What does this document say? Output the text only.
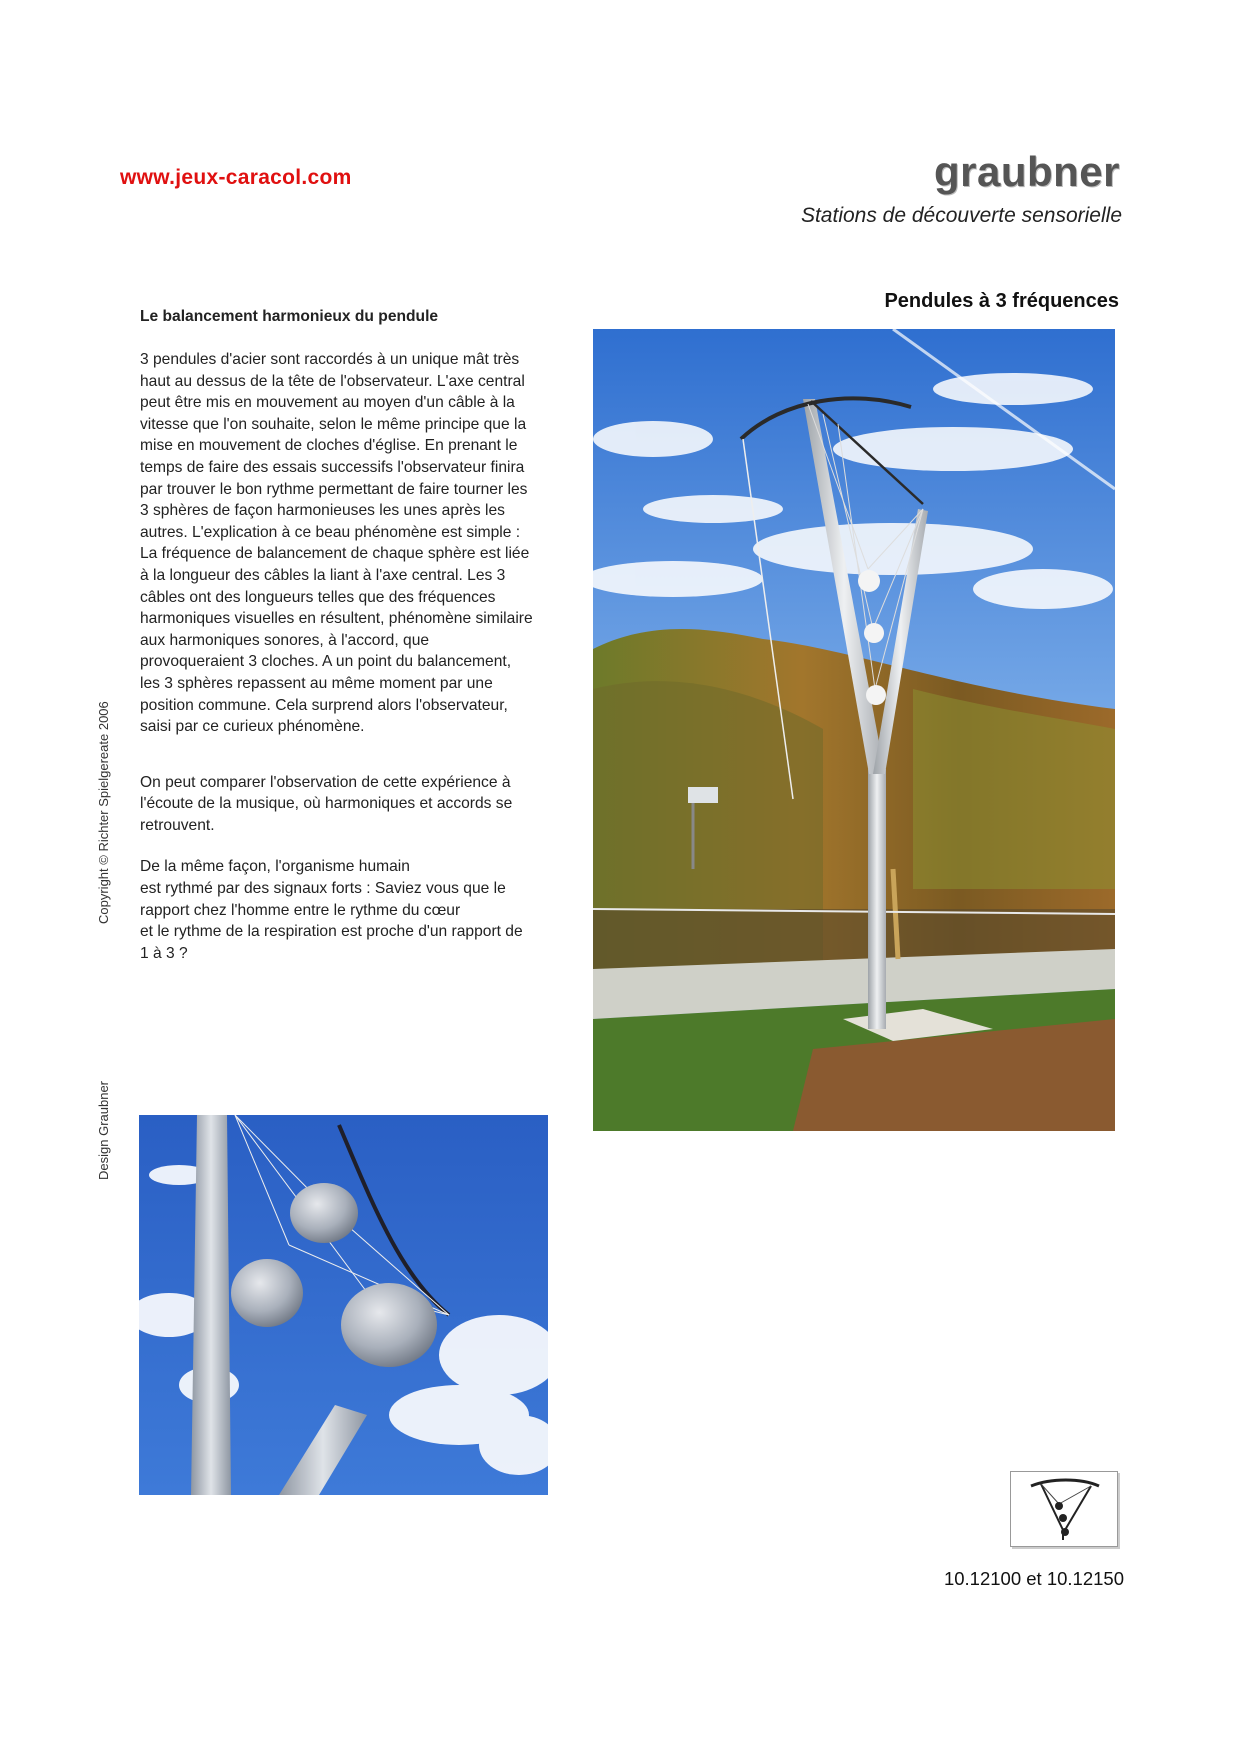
www.jeux-caracol.com	graubner
Stations de découverte sensorielle
Pendules à 3 fréquences
Le balancement harmonieux du pendule

3 pendules d'acier sont raccordés à un unique mât très
haut au dessus de la tête de l'observateur. L'axe central
peut être mis en mouvement au moyen d'un câble à la
vitesse que l'on souhaite, selon le même principe que la
mise en mouvement de cloches d'église. En prenant le
temps de faire des essais successifs l'observateur finira
par trouver le bon rythme permettant de faire tourner les
3 sphères de façon harmonieuses les unes après les
autres. L'explication à ce beau phénomène est simple :
La fréquence de balancement de chaque sphère est liée
à la longueur des câbles la liant à l'axe central. Les 3
câbles ont des longueurs telles que des fréquences
harmoniques visuelles en résultent, phénomène similaire
aux harmoniques sonores, à l'accord, que
provoqueraient 3 cloches. A un point du balancement,
les 3 sphères repassent au même moment par une
position commune. Cela surprend alors l'observateur,
saisi par ce curieux phénomène.

On peut comparer l'observation de cette expérience à
l'écoute de la musique, où harmoniques et accords se
retrouvent.

De la même façon, l'organisme humain
est rythmé par des signaux forts : Saviez vous que le
rapport chez l'homme entre le rythme du cœur
et le rythme de la respiration est proche d'un rapport de
1 à 3 ?

Copyright © Richter Spielgereate 2006
Design Graubner
10.12100 et 10.12150
